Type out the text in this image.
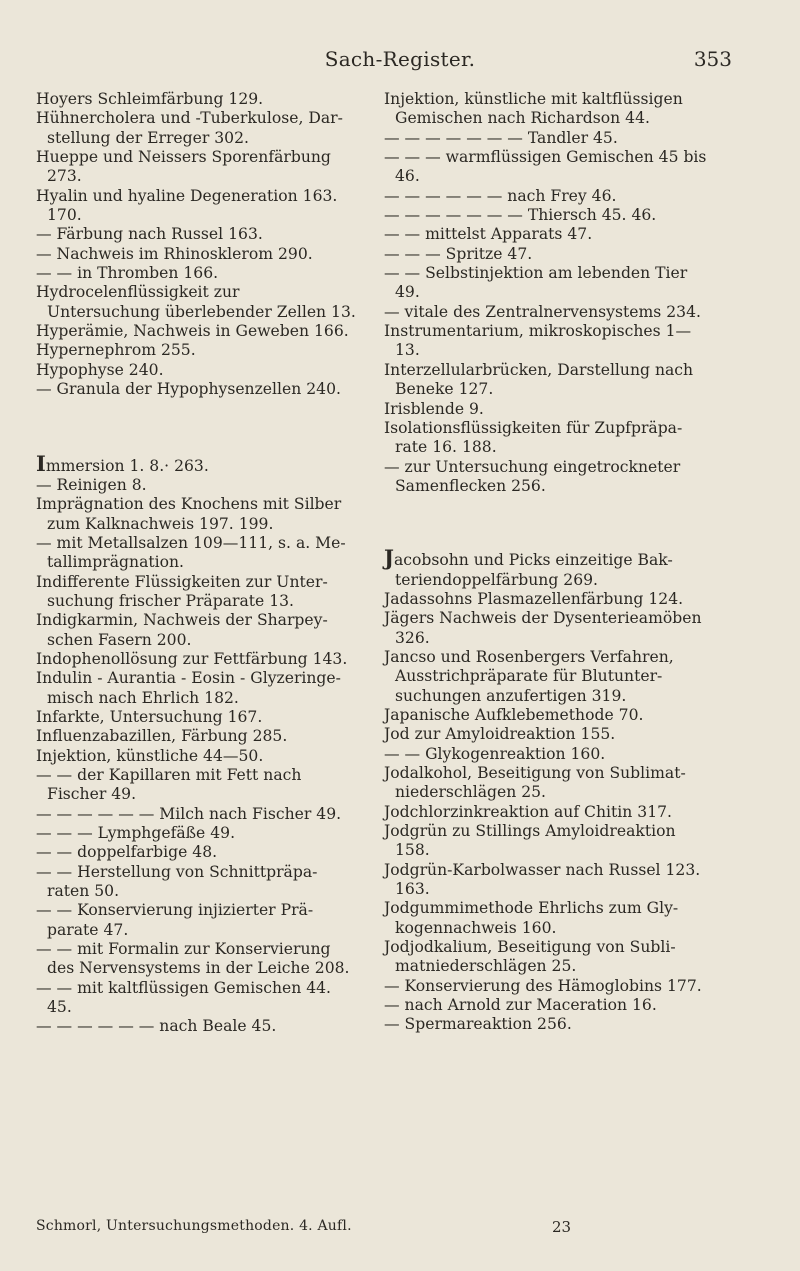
Sach-Register.	353
Hoyers Schleimfärbung 129.
Hühnercholera und -Tuberkulose, Dar- stellung der Erreger 302.
Hueppe und Neissers Sporenfärbung 273.
Hyalin und hyaline Degeneration 163. 170.
— Färbung nach Russel 163.
— Nachweis im Rhinosklerom 290.
— — in Thromben 166.
Hydrocelenflüssigkeit zur Untersuchung überlebender Zellen 13.
Hyperämie, Nachweis in Geweben 166.
Hypernephrom 255.
Hypophyse 240.
— Granula der Hypophysenzellen 240.
Immersion 1. 8.· 263.
— Reinigen 8.
Imprägnation des Knochens mit Silber zum Kalknachweis 197. 199.
— mit Metallsalzen 109—111, s. a. Me- tallimprägnation.
Indifferente Flüssigkeiten zur Unter- suchung frischer Präparate 13.
Indigkarmin, Nachweis der Sharpey- schen Fasern 200.
Indophenollösung zur Fettfärbung 143.
Indulin - Aurantia - Eosin - Glyzeringe- misch nach Ehrlich 182.
Infarkte, Untersuchung 167.
Influenzabazillen, Färbung 285.
Injektion, künstliche 44—50.
— — der Kapillaren mit Fett nach Fischer 49.
— — — — — — Milch nach Fischer 49.
— — — Lymphgefäße 49.
— — doppelfarbige 48.
— — Herstellung von Schnittpräpa- raten 50.
— — Konservierung injizierter Prä- parate 47.
— — mit Formalin zur Konservierung des Nervensystems in der Leiche 208.
— — mit kaltflüssigen Gemischen 44. 45.
— — — — — — nach Beale 45.
Injektion, künstliche mit kaltflüssigen Gemischen nach Richardson 44.
— — — — — — — Tandler 45.
— — — warmflüssigen Gemischen 45 bis 46.
— — — — — — nach Frey 46.
— — — — — — — Thiersch 45. 46.
— — mittelst Apparats 47.
— — — Spritze 47.
— — Selbstinjektion am lebenden Tier 49.
— vitale des Zentralnervensystems 234.
Instrumentarium, mikroskopisches 1— 13.
Interzellularbrücken, Darstellung nach Beneke 127.
Irisblende 9.
Isolationsflüssigkeiten für Zupfpräpa- rate 16. 188.
— zur Untersuchung eingetrockneter Samenflecken 256.
Jacobsohn und Picks einzeitige Bak- teriendoppelfärbung 269.
Jadassohns Plasmazellenfärbung 124.
Jägers Nachweis der Dysenterieamöben 326.
Jancso und Rosenbergers Verfahren, Ausstrichpräparate für Blutunter- suchungen anzufertigen 319.
Japanische Aufklebemethode 70.
Jod zur Amyloidreaktion 155.
— — Glykogenreaktion 160.
Jodalkohol, Beseitigung von Sublimat- niederschlägen 25.
Jodchlorzinkreaktion auf Chitin 317.
Jodgrün zu Stillings Amyloidreaktion 158.
Jodgrün-Karbolwasser nach Russel 123. 163.
Jodgummimethode Ehrlichs zum Gly- kogennachweis 160.
Jodjodkalium, Beseitigung von Subli- matniederschlägen 25.
— Konservierung des Hämoglobins 177.
— nach Arnold zur Maceration 16.
— Spermareaktion 256.
Schmorl, Untersuchungsmethoden. 4. Aufl.	23
